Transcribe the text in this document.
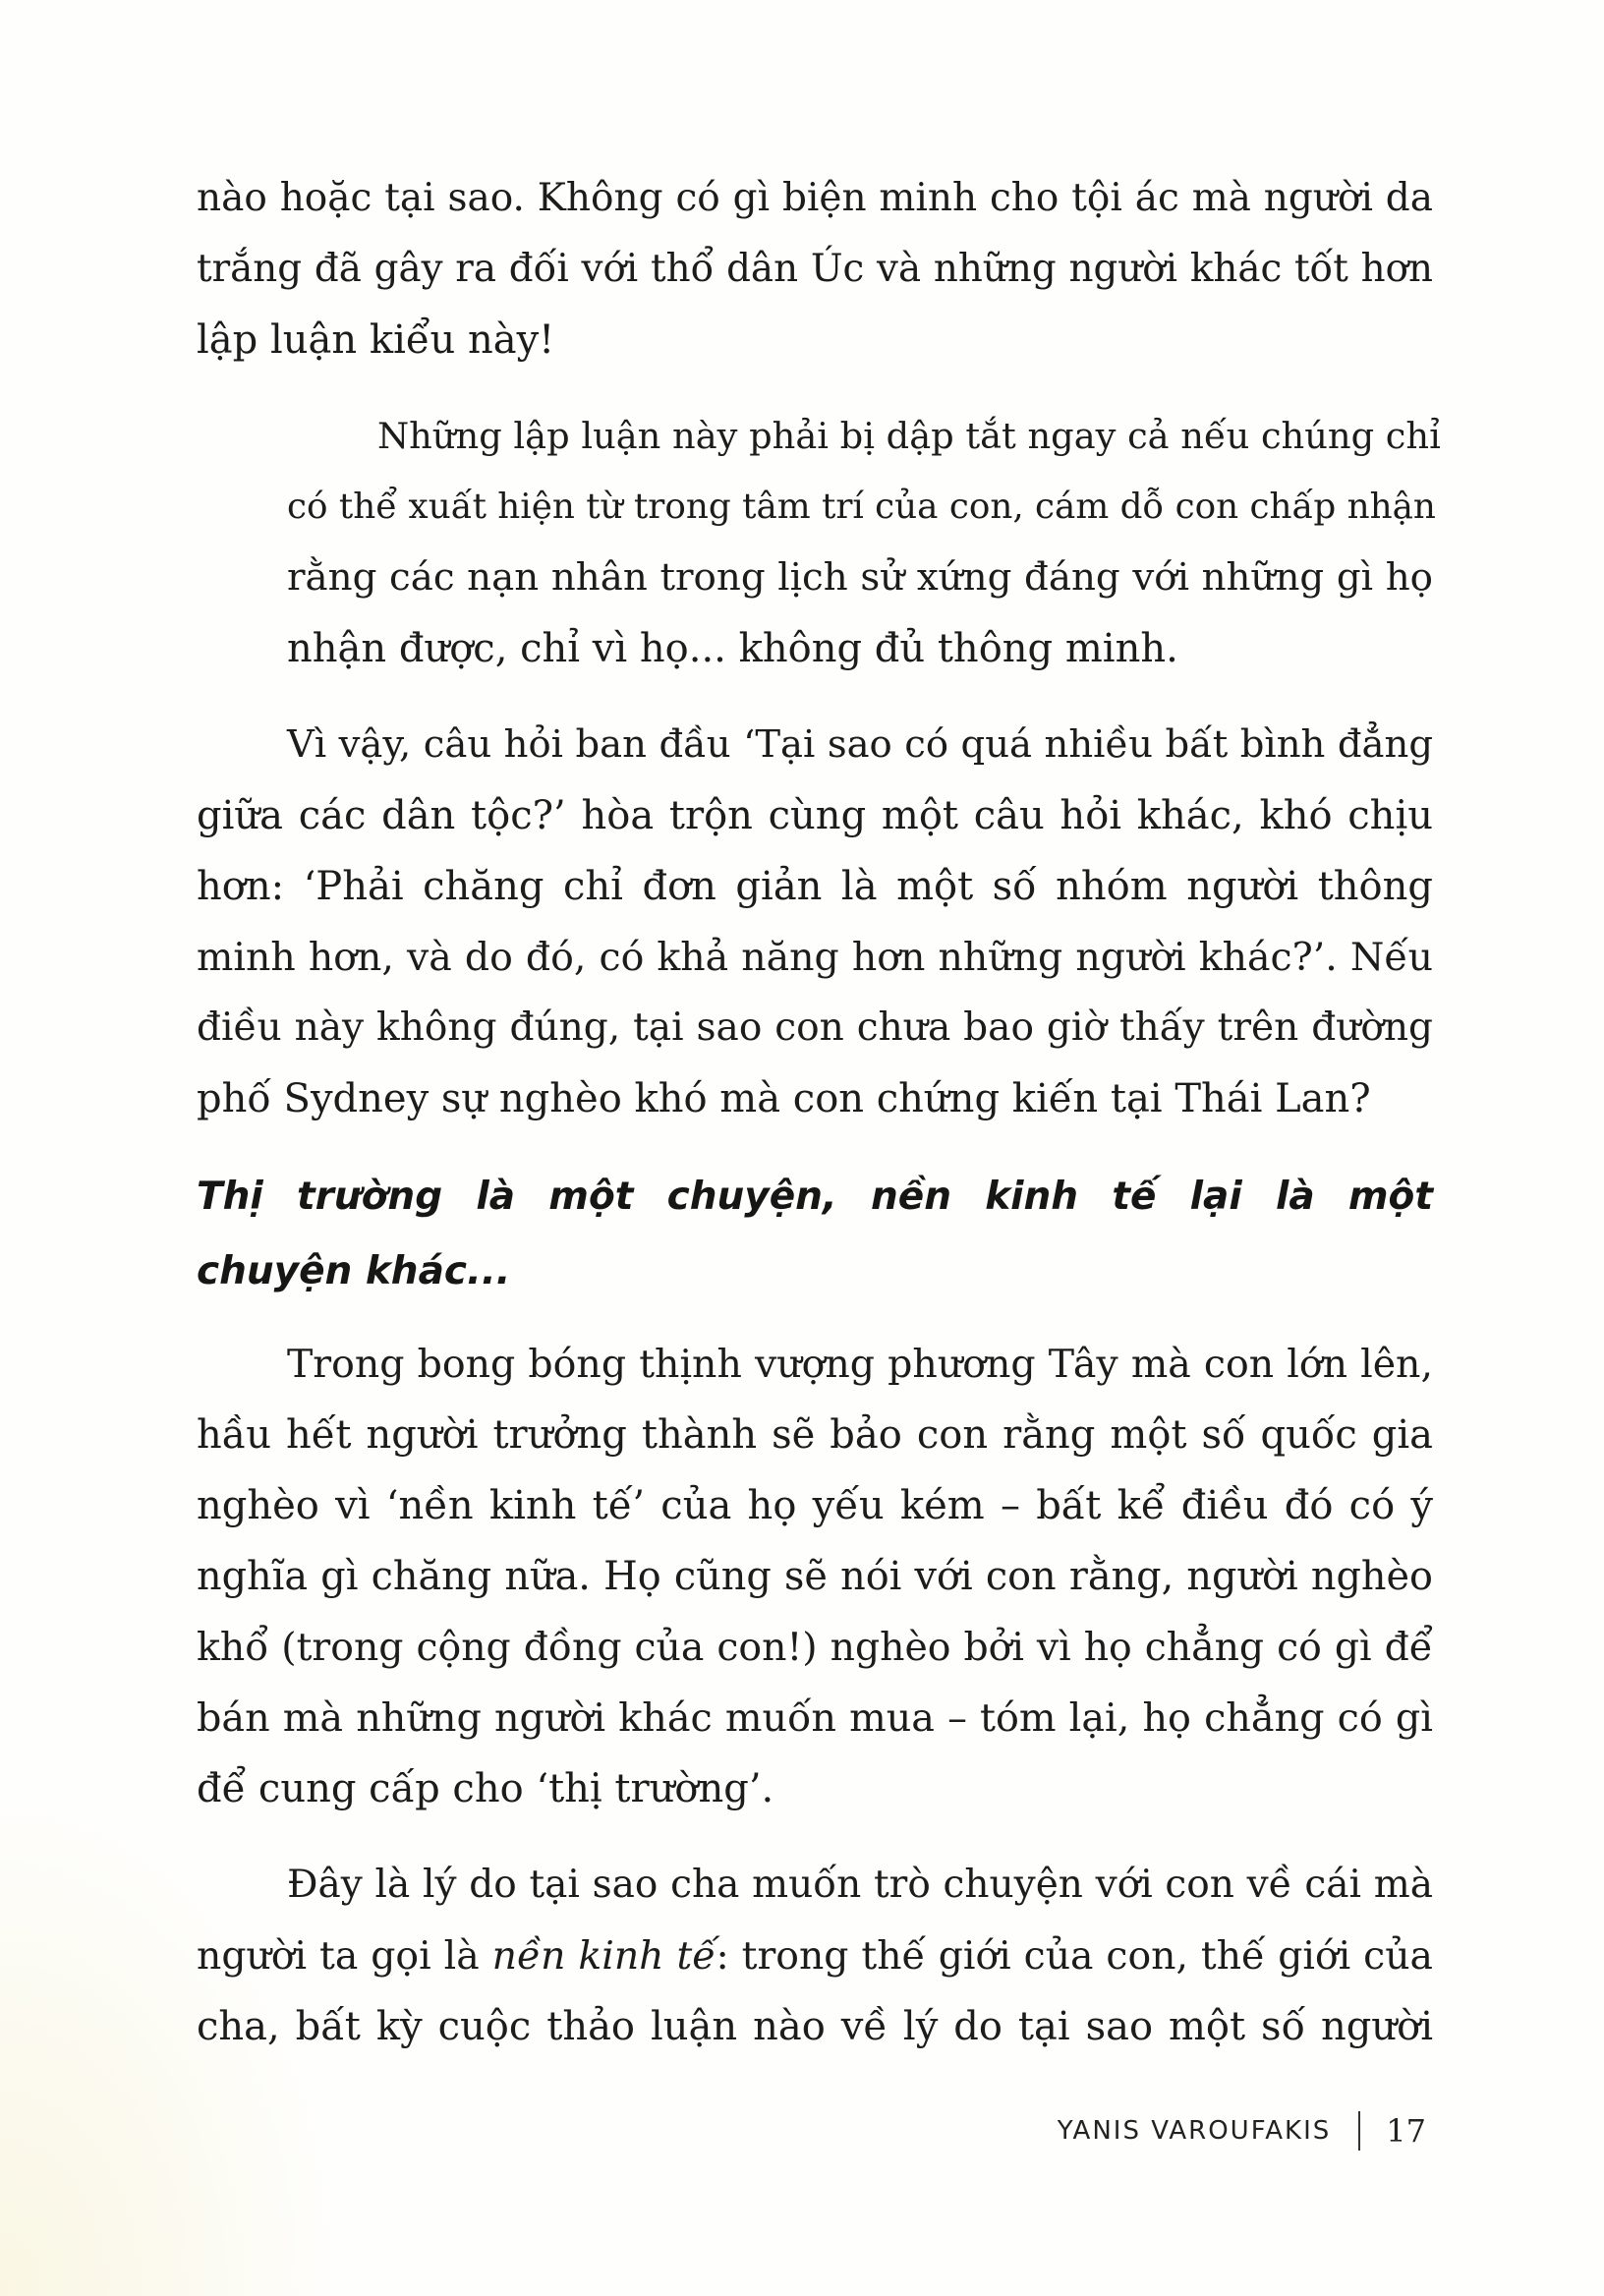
nào hoặc tại sao. Không có gì biện minh cho tội ác mà người da
trắng đã gây ra đối với thổ dân Úc và những người khác tốt hơn
lập luận kiểu này!

Những lập luận này phải bị dập tắt ngay cả nếu chúng chỉ
có thể xuất hiện từ trong tâm trí của con, cám dỗ con chấp nhận
rằng các nạn nhân trong lịch sử xứng đáng với những gì họ
nhận được, chỉ vì họ... không đủ thông minh.

Vì vậy, câu hỏi ban đầu ‘Tại sao có quá nhiều bất bình đẳng
giữa các dân tộc?’ hòa trộn cùng một câu hỏi khác, khó chịu
hơn: ‘Phải chăng chỉ đơn giản là một số nhóm người thông
minh hơn, và do đó, có khả năng hơn những người khác?’. Nếu
điều này không đúng, tại sao con chưa bao giờ thấy trên đường
phố Sydney sự nghèo khó mà con chứng kiến tại Thái Lan?

Thị trường là một chuyện, nền kinh tế lại là một
chuyện khác...

Trong bong bóng thịnh vượng phương Tây mà con lớn lên,
hầu hết người trưởng thành sẽ bảo con rằng một số quốc gia
nghèo vì ‘nền kinh tế’ của họ yếu kém – bất kể điều đó có ý
nghĩa gì chăng nữa. Họ cũng sẽ nói với con rằng, người nghèo
khổ (trong cộng đồng của con!) nghèo bởi vì họ chẳng có gì để
bán mà những người khác muốn mua – tóm lại, họ chẳng có gì
để cung cấp cho ‘thị trường’.

Đây là lý do tại sao cha muốn trò chuyện với con về cái mà
người ta gọi là nền kinh tế: trong thế giới của con, thế giới của
cha, bất kỳ cuộc thảo luận nào về lý do tại sao một số người

YANIS VAROUFAKIS 17
